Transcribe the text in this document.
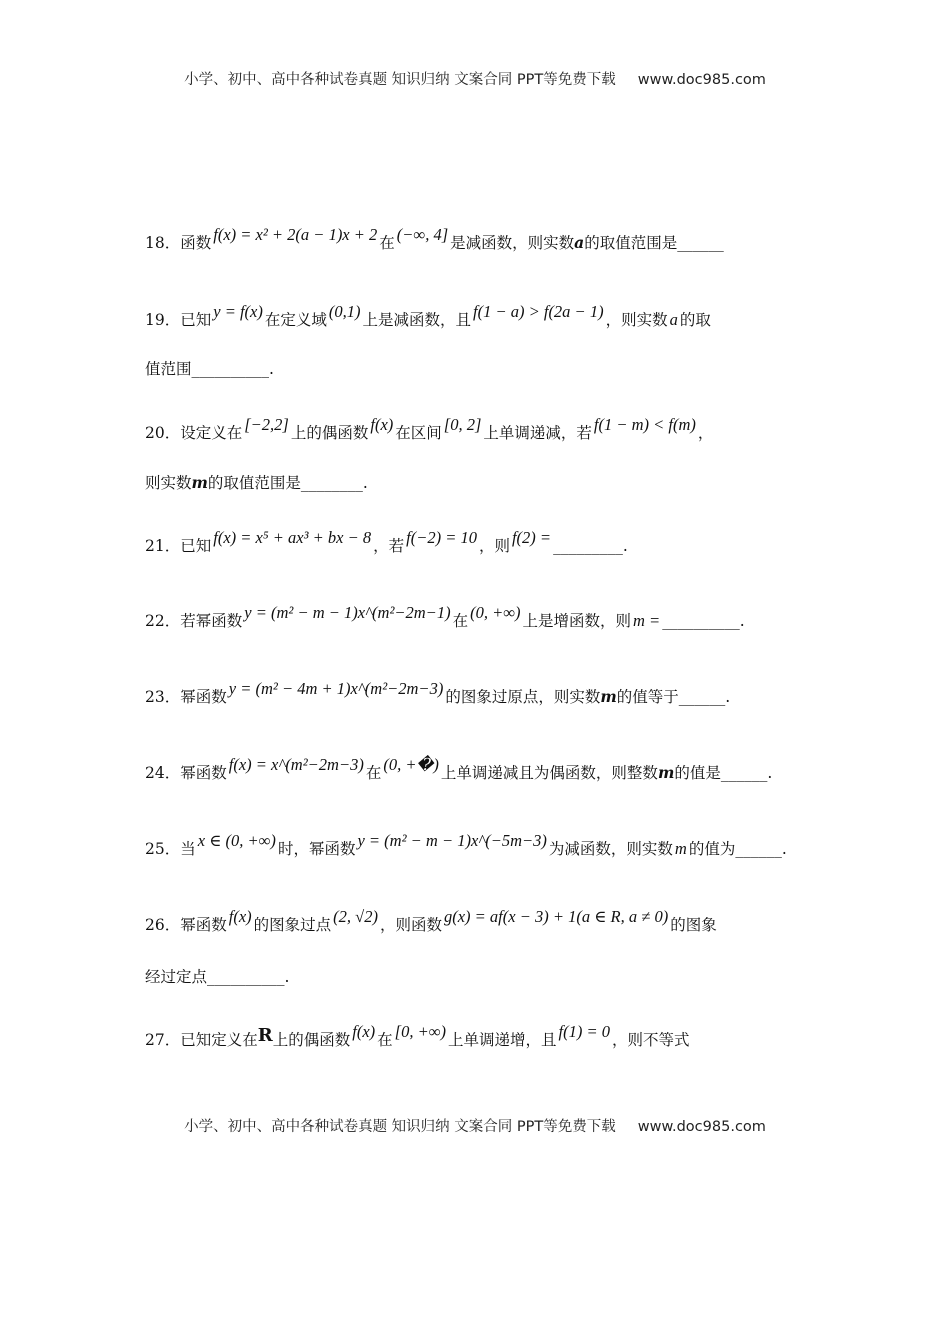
小学、初中、高中各种试卷真题 知识归纳 文案合同 PPT等免费下载 www.doc985.com
18．函数 f(x) = x² + 2(a − 1)x + 2 在 (−∞, 4] 是减函数，则实数a的取值范围是______
19．已知 y = f(x) 在定义域 (0,1) 上是减函数，且 f(1 − a) > f(2a − 1) ，则实数 a 的取
值范围__________.
20．设定义在 [−2,2] 上的偶函数 f(x) 在区间 [0, 2] 上单调递减，若 f(1 − m) < f(m) ，
则实数m的取值范围是________.
21．已知 f(x) = x⁵ + ax³ + bx − 8 ，若 f(−2) = 10 ，则 f(2) = _________.
22．若幂函数 y = (m² − m − 1)x^(m²−2m−1) 在 (0, +∞) 上是增函数，则 m = __________.
23．幂函数 y = (m² − 4m + 1)x^(m²−2m−3) 的图象过原点，则实数m的值等于______.
24．幂函数 f(x) = x^(m²−2m−3) 在 (0, +�) 上单调递减且为偶函数，则整数m的值是______.
25．当 x ∈ (0, +∞) 时，幂函数 y = (m² − m − 1)x^(−5m−3) 为减函数，则实数 m 的值为______.
26．幂函数 f(x) 的图象过点 (2, √2) ，则函数 g(x) = af(x − 3) + 1(a ∈ R, a ≠ 0) 的图象
经过定点__________.
27．已知定义在R上的偶函数 f(x) 在 [0, +∞) 上单调递增，且 f(1) = 0 ，则不等式
小学、初中、高中各种试卷真题 知识归纳 文案合同 PPT等免费下载 www.doc985.com
